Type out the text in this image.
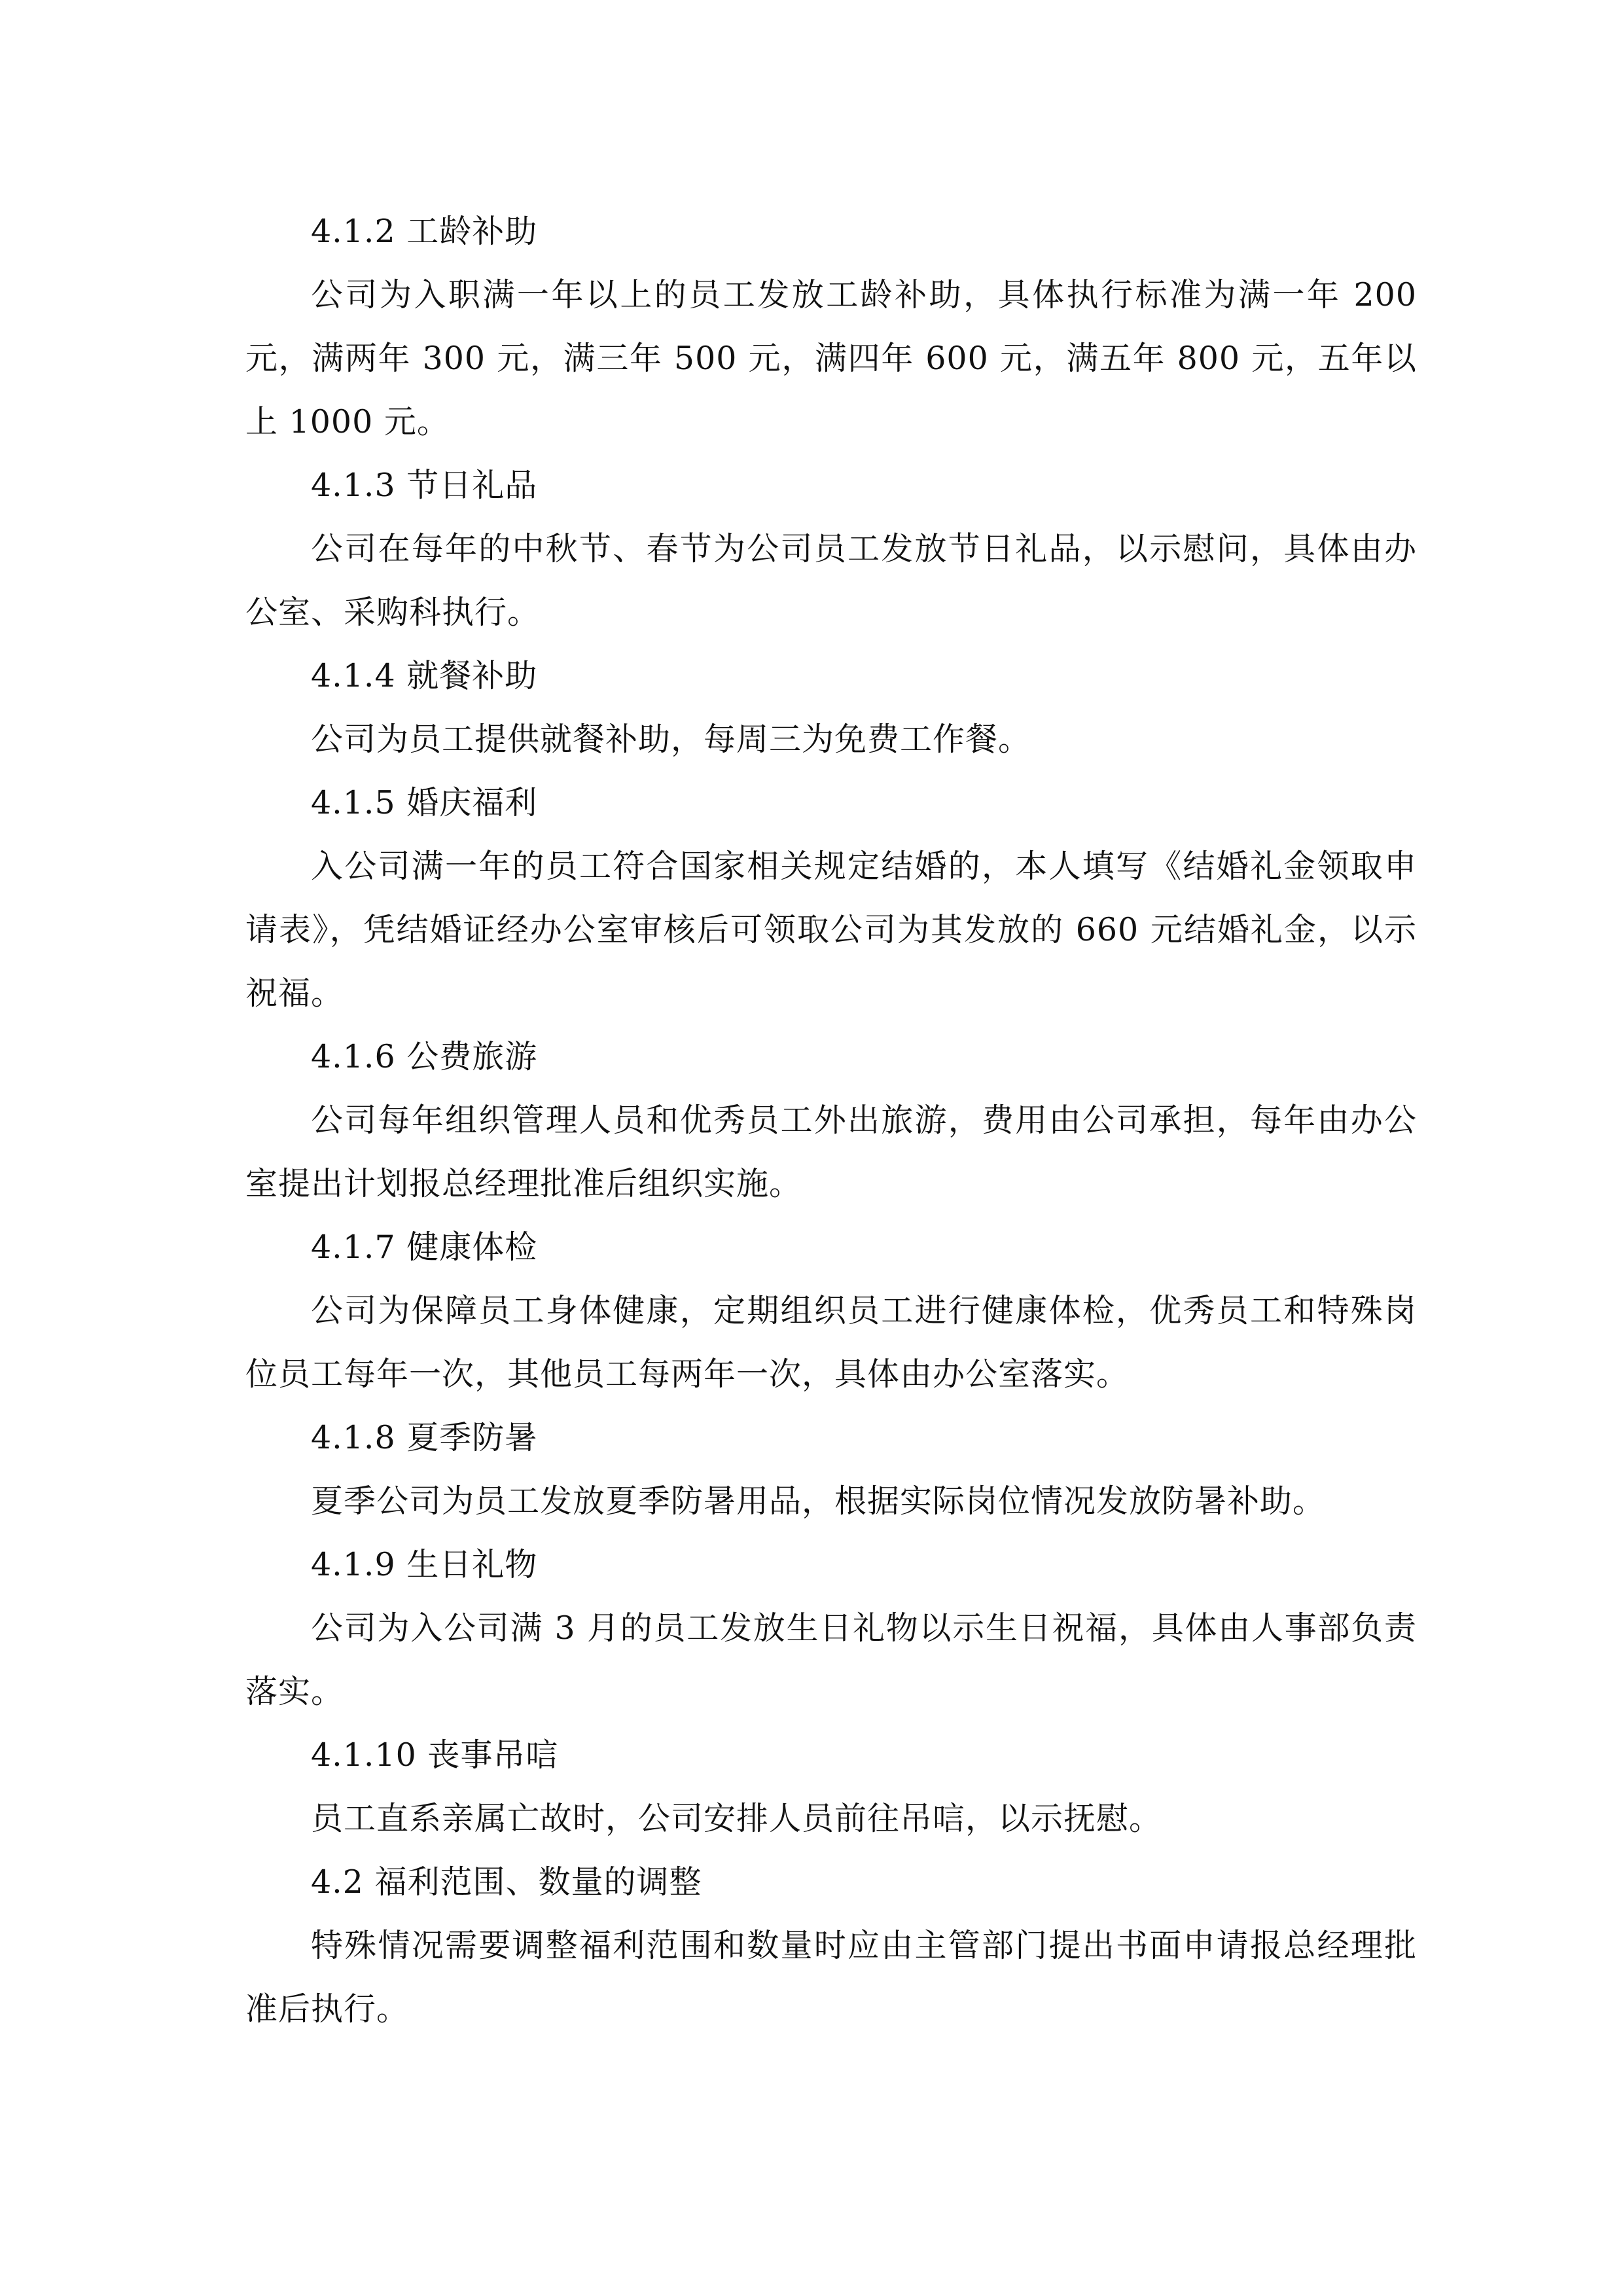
4.1.2 工龄补助

公司为入职满一年以上的员工发放工龄补助，具体执行标准为满一年 200 元，满两年 300 元，满三年 500 元，满四年 600 元，满五年 800 元，五年以上 1000 元。

4.1.3 节日礼品

公司在每年的中秋节、春节为公司员工发放节日礼品，以示慰问，具体由办公室、采购科执行。

4.1.4 就餐补助

公司为员工提供就餐补助，每周三为免费工作餐。

4.1.5 婚庆福利

入公司满一年的员工符合国家相关规定结婚的，本人填写《结婚礼金领取申请表》，凭结婚证经办公室审核后可领取公司为其发放的 660 元结婚礼金，以示祝福。

4.1.6 公费旅游

公司每年组织管理人员和优秀员工外出旅游，费用由公司承担，每年由办公室提出计划报总经理批准后组织实施。

4.1.7 健康体检

公司为保障员工身体健康，定期组织员工进行健康体检，优秀员工和特殊岗位员工每年一次，其他员工每两年一次，具体由办公室落实。

4.1.8 夏季防暑

夏季公司为员工发放夏季防暑用品，根据实际岗位情况发放防暑补助。

4.1.9 生日礼物

公司为入公司满 3 月的员工发放生日礼物以示生日祝福，具体由人事部负责落实。

4.1.10 丧事吊唁

员工直系亲属亡故时，公司安排人员前往吊唁，以示抚慰。

4.2 福利范围、数量的调整

特殊情况需要调整福利范围和数量时应由主管部门提出书面申请报总经理批准后执行。
